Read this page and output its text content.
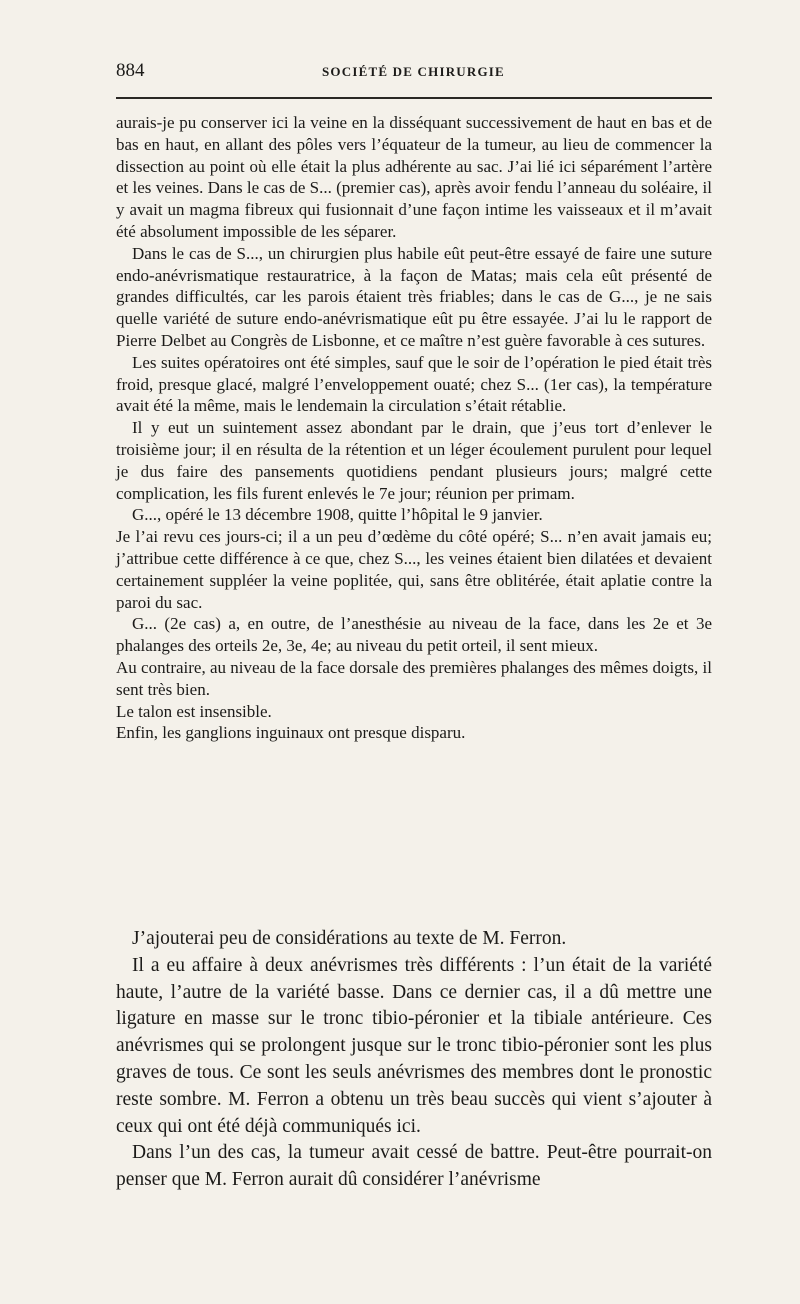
884	SOCIÉTÉ DE CHIRURGIE

aurais-je pu conserver ici la veine en la disséquant successivement de haut en bas et de bas en haut, en allant des pôles vers l’équateur de la tumeur, au lieu de commencer la dissection au point où elle était la plus adhérente au sac. J’ai lié ici séparément l’artère et les veines. Dans le cas de S... (premier cas), après avoir fendu l’anneau du soléaire, il y avait un magma fibreux qui fusionnait d’une façon intime les vaisseaux et il m’avait été absolument impossible de les séparer.

Dans le cas de S..., un chirurgien plus habile eût peut-être essayé de faire une suture endo-anévrismatique restauratrice, à la façon de Matas; mais cela eût présenté de grandes difficultés, car les parois étaient très friables; dans le cas de G..., je ne sais quelle variété de suture endo-anévrismatique eût pu être essayée. J’ai lu le rapport de Pierre Delbet au Congrès de Lisbonne, et ce maître n’est guère favorable à ces sutures.

Les suites opératoires ont été simples, sauf que le soir de l’opération le pied était très froid, presque glacé, malgré l’enveloppement ouaté; chez S... (1er cas), la température avait été la même, mais le lendemain la circulation s’était rétablie.

Il y eut un suintement assez abondant par le drain, que j’eus tort d’enlever le troisième jour; il en résulta de la rétention et un léger écoulement purulent pour lequel je dus faire des pansements quotidiens pendant plusieurs jours; malgré cette complication, les fils furent enlevés le 7e jour; réunion per primam.

G..., opéré le 13 décembre 1908, quitte l’hôpital le 9 janvier.

Je l’ai revu ces jours-ci; il a un peu d’œdème du côté opéré; S... n’en avait jamais eu; j’attribue cette différence à ce que, chez S..., les veines étaient bien dilatées et devaient certainement suppléer la veine poplitée, qui, sans être oblitérée, était aplatie contre la paroi du sac.

G... (2e cas) a, en outre, de l’anesthésie au niveau de la face, dans les 2e et 3e phalanges des orteils 2e, 3e, 4e; au niveau du petit orteil, il sent mieux.

Au contraire, au niveau de la face dorsale des premières phalanges des mêmes doigts, il sent très bien.

Le talon est insensible.

Enfin, les ganglions inguinaux ont presque disparu.

J’ajouterai peu de considérations au texte de M. Ferron.

Il a eu affaire à deux anévrismes très différents : l’un était de la variété haute, l’autre de la variété basse. Dans ce dernier cas, il a dû mettre une ligature en masse sur le tronc tibio-péronier et la tibiale antérieure. Ces anévrismes qui se prolongent jusque sur le tronc tibio-péronier sont les plus graves de tous. Ce sont les seuls anévrismes des membres dont le pronostic reste sombre. M. Ferron a obtenu un très beau succès qui vient s’ajouter à ceux qui ont été déjà communiqués ici.

Dans l’un des cas, la tumeur avait cessé de battre. Peut-être pourrait-on penser que M. Ferron aurait dû considérer l’anévrisme
